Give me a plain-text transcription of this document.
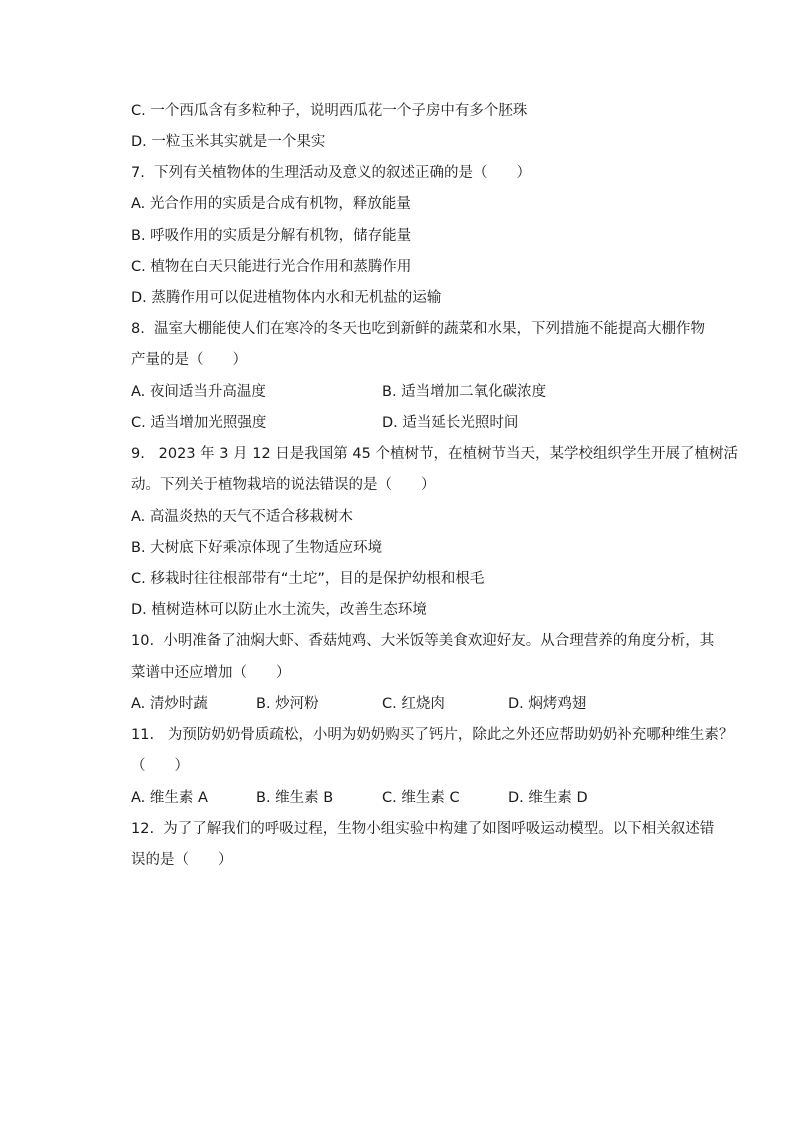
C. 一个西瓜含有多粒种子，说明西瓜花一个子房中有多个胚珠
D. 一粒玉米其实就是一个果实
7.  下列有关植物体的生理活动及意义的叙述正确的是（　　）
A. 光合作用的实质是合成有机物，释放能量
B. 呼吸作用的实质是分解有机物，储存能量
C. 植物在白天只能进行光合作用和蒸腾作用
D. 蒸腾作用可以促进植物体内水和无机盐的运输
8.  温室大棚能使人们在寒冷的冬天也吃到新鲜的蔬菜和水果，下列措施不能提高大棚作物
产量的是（　　）
A. 夜间适当升高温度	B. 适当增加二氧化碳浓度
C. 适当增加光照强度	D. 适当延长光照时间
9.   2023 年 3 月 12 日是我国第 45 个植树节，在植树节当天，某学校组织学生开展了植树活
动。下列关于植物栽培的说法错误的是（　　）
A. 高温炎热的天气不适合移栽树木
B. 大树底下好乘凉体现了生物适应环境
C. 移栽时往往根部带有“土坨”，目的是保护幼根和根毛
D. 植树造林可以防止水土流失，改善生态环境
10.  小明准备了油焖大虾、香菇炖鸡、大米饭等美食欢迎好友。从合理营养的角度分析，其
菜谱中还应增加（　　）
A. 清炒时蔬	B. 炒河粉	C. 红烧肉	D. 焖烤鸡翅
11.   为预防奶奶骨质疏松，小明为奶奶购买了钙片，除此之外还应帮助奶奶补充哪种维生素？
（　　）
A. 维生素 A	B. 维生素 B	C. 维生素 C	D. 维生素 D
12.  为了了解我们的呼吸过程，生物小组实验中构建了如图呼吸运动模型。以下相关叙述错
误的是（　　）
